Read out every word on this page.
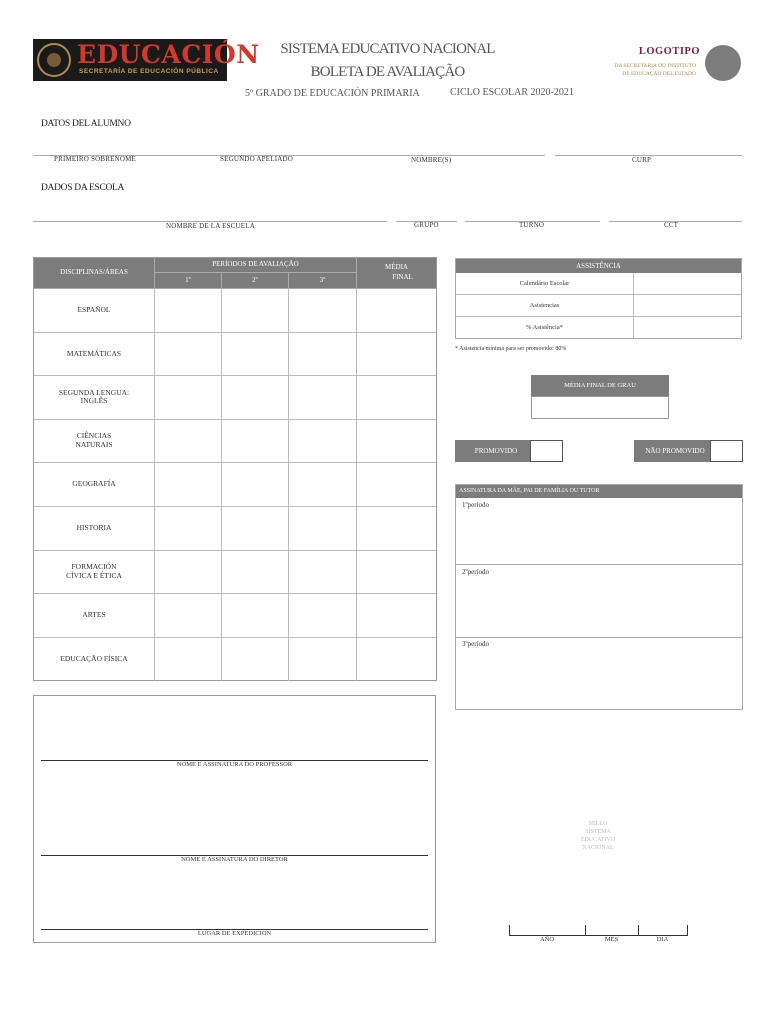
EDUCACIÓN
SECRETARÍA DE EDUCACIÓN PÚBLICA
SISTEMA EDUCATIVO NACIONAL
BOLETA DE AVALIAÇÃO
5º GRADO DE EDUCACIÓN PRIMARIA	CICLO ESCOLAR 2020-2021
LOGOTIPO
DA SECRETARIA OU INSTITUTO
DE EDUCAÇÃO DEL ESTADO
DATOS DEL ALUMNO
PRIMEIRO SOBRENOME	SEGUNDO APELIADO	NOMBRE(S)	CURP
DADOS DA ESCOLA
NOMBRE DE LA ESCUELA	GRUPO	TURNO	CCT
DISCIPLINAS/ÁREAS
PERÍODOS DE AVALIAÇÃO
1º	2º	3º
MÉDIA
FINAL
ESPAÑOL
MATEMÁTICAS
SEGUNDA LENGUA:
INGLÊS
CIÊNCIAS
NATURAIS
GEOGRAFÍA
HISTORIA
FORMACIÓN
CÍVICA E ÉTICA
ARTES
EDUCAÇÃO FÍSICA
ASSISTÊNCIA
Calendário Escolar
Asistencias
% Asistência*
* Asistencia mínima para ser promovido: 80%
MÉDIA FINAL DE GRAU
PROMOVIDO	NÃO PROMOVIDO
ASSINATURA DA MÃE, PAI DE FAMÍLIA OU TUTOR
1ºperíodo
2ºperíodo
3ºperíodo
NOME E ASSINATURA DO PROFESSOR
NOME E ASSINATURA DO DIRETOR
LUGAR DE EXPEDICIÓN
SELLO
SISTEMA
EDUCATIVO
NACIONAL
AÑO	MÊS	DIA
